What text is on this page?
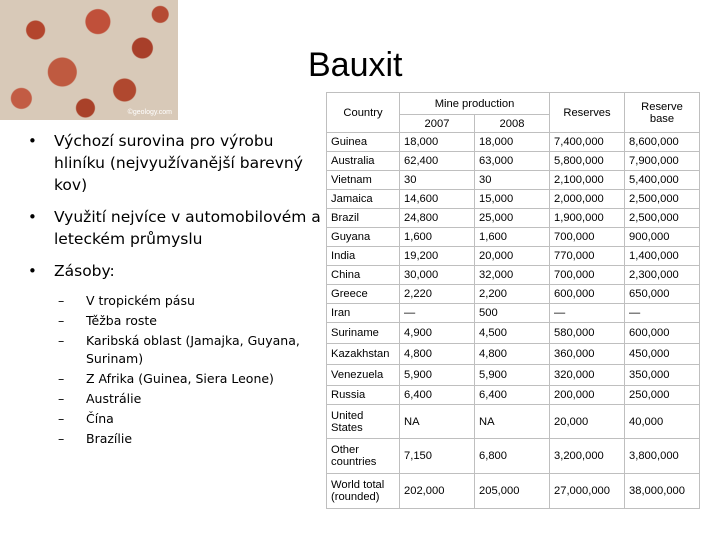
©geology.com
Bauxit
• Výchozí surovina pro výrobu hliníku (nejvyužívanější barevný kov)
• Využití nejvíce v automobilovém a leteckém průmyslu
• Zásoby:
– V tropickém pásu
– Těžba roste
– Karibská oblast (Jamajka, Guyana, Surinam)
– Z Afrika (Guinea, Siera Leone)
– Austrálie
– Čína
– Brazílie
Country	Mine production		Reserves	Reserve base
	2007	2008		
Guinea	18,000	18,000	7,400,000	8,600,000
Australia	62,400	63,000	5,800,000	7,900,000
Vietnam	30	30	2,100,000	5,400,000
Jamaica	14,600	15,000	2,000,000	2,500,000
Brazil	24,800	25,000	1,900,000	2,500,000
Guyana	1,600	1,600	700,000	900,000
India	19,200	20,000	770,000	1,400,000
China	30,000	32,000	700,000	2,300,000
Greece	2,220	2,200	600,000	650,000
Iran	—	500	—	—
Suriname	4,900	4,500	580,000	600,000
Kazakhstan	4,800	4,800	360,000	450,000
Venezuela	5,900	5,900	320,000	350,000
Russia	6,400	6,400	200,000	250,000
United States	NA	NA	20,000	40,000
Other countries	7,150	6,800	3,200,000	3,800,000
World total (rounded)	202,000	205,000	27,000,000	38,000,000
